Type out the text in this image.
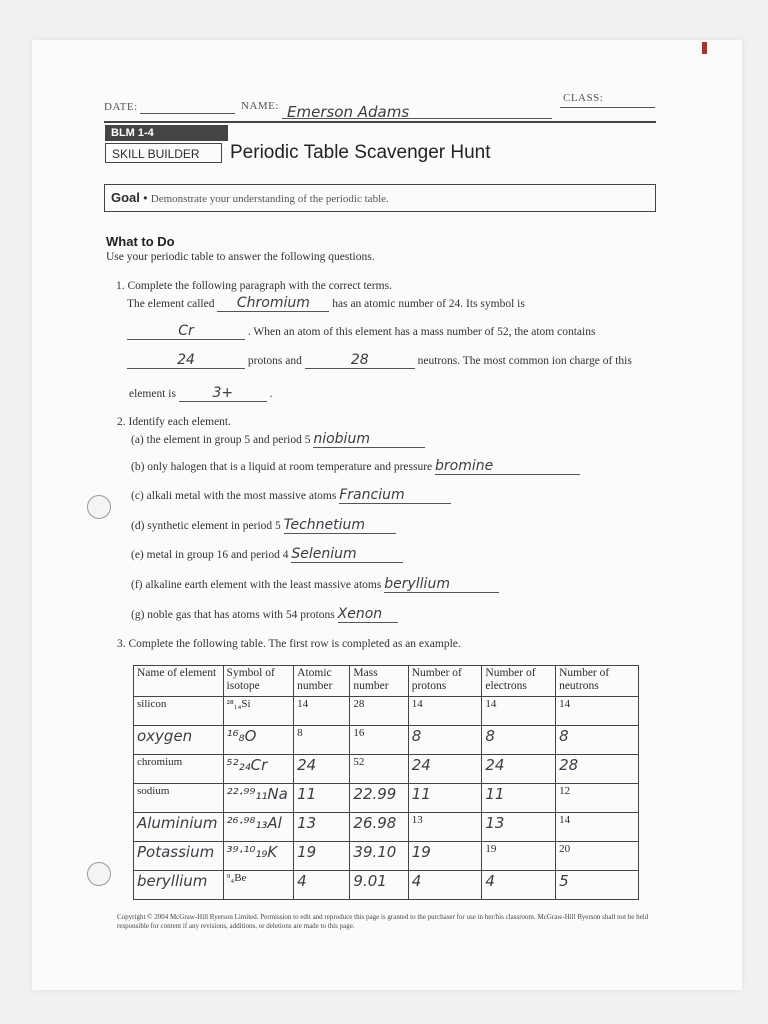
DATE:	NAME: Emerson Adams
CLASS:
BLM 1-4
SKILL BUILDER	Periodic Table Scavenger Hunt
Goal • Demonstrate your understanding of the periodic table.
What to Do
Use your periodic table to answer the following questions.
1. Complete the following paragraph with the correct terms.
The element called Chromium has an atomic number of 24. Its symbol is
Cr	. When an atom of this element has a mass number of 52, the atom contains
24	protons and	28	neutrons. The most common ion charge of this
element is	3+	.
2. Identify each element.
(a) the element in group 5 and period 5 niobium
(b) only halogen that is a liquid at room temperature and pressure bromine
(c) alkali metal with the most massive atoms Francium
(d) synthetic element in period 5 Technetium
(e) metal in group 16 and period 4 Selenium
(f) alkaline earth element with the least massive atoms beryllium
(g) noble gas that has atoms with 54 protons Xenon
3. Complete the following table. The first row is completed as an example.
Name of element	Symbol of isotope	Atomic number	Mass number	Number of protons	Number of electrons	Number of neutrons
silicon	²⁸₁₄Si	14	28	14	14	14
oxygen	¹⁶₈O	8	16	8	8	8
chromium	⁵²₂₄Cr	24	52	24	24	28
sodium	²²·⁹⁹₁₁Na	11	22.99	11	11	12
Aluminium	²⁶·⁹⁸₁₃Al	13	26.98	13	13	14
Potassium	³⁹·¹⁰₁₉K	19	39.10	19	19	20
beryllium	⁹₄Be	4	9.01	4	4	5
Copyright © 2004 McGraw-Hill Ryerson Limited. Permission to edit and reproduce this page is granted to the purchaser for use in her/his classroom. McGraw-Hill Ryerson shall not be held responsible for content if any revisions, additions, or deletions are made to this page.
